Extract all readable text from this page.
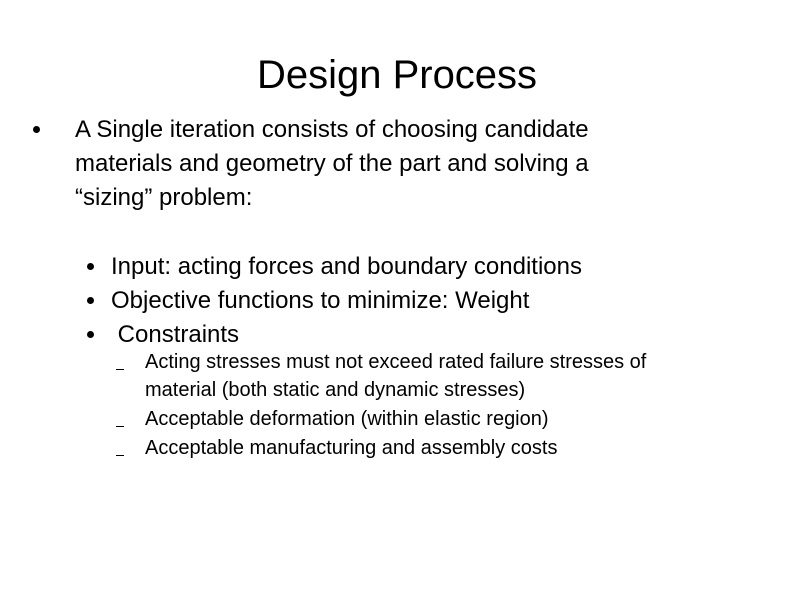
Design Process
A Single iteration consists of choosing candidate
materials and geometry of the part and solving a
“sizing” problem:
Input: acting forces and boundary conditions
Objective functions to minimize: Weight
Constraints
Acting stresses must not exceed rated failure stresses of
material (both static and dynamic stresses)
Acceptable deformation (within elastic region)
Acceptable manufacturing and assembly costs
